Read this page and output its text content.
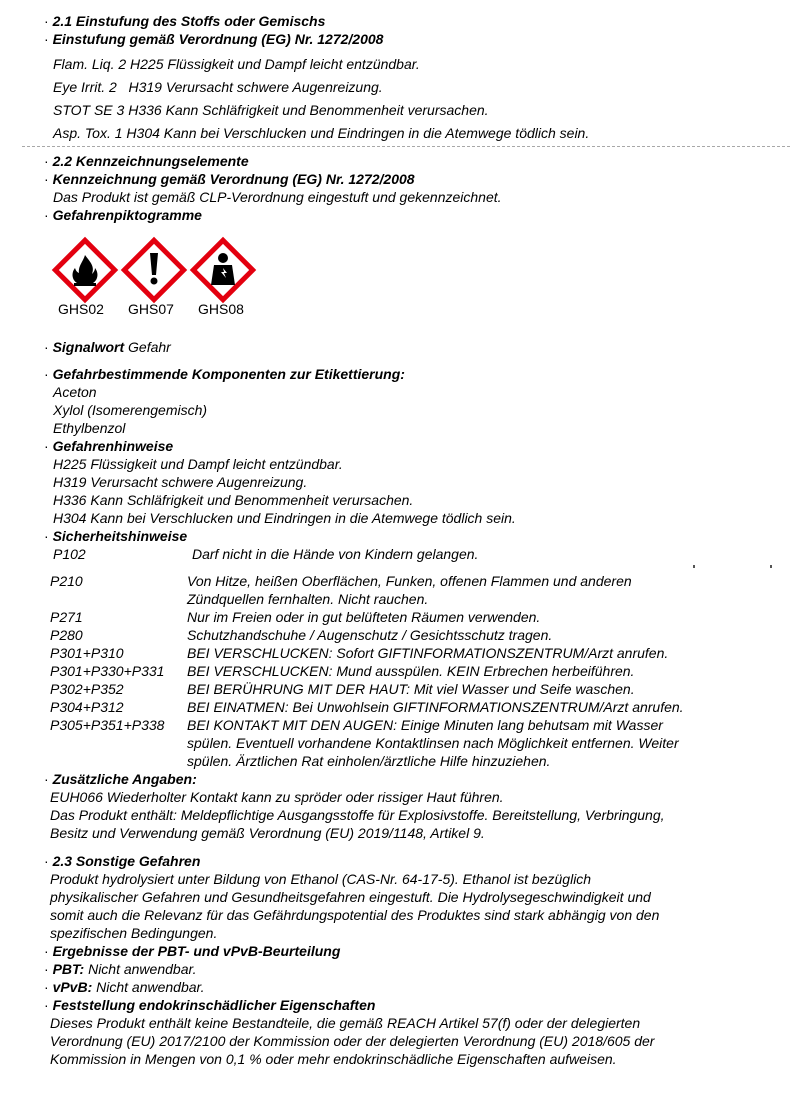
· 2.1 Einstufung des Stoffs oder Gemischs
· Einstufung gemäß Verordnung (EG) Nr. 1272/2008
Flam. Liq. 2 H225 Flüssigkeit und Dampf leicht entzündbar.
Eye Irrit. 2 H319 Verursacht schwere Augenreizung.
STOT SE 3 H336 Kann Schläfrigkeit und Benommenheit verursachen.
Asp. Tox. 1 H304 Kann bei Verschlucken und Eindringen in die Atemwege tödlich sein.
· 2.2 Kennzeichnungselemente
· Kennzeichnung gemäß Verordnung (EG) Nr. 1272/2008
Das Produkt ist gemäß CLP-Verordnung eingestuft und gekennzeichnet.
· Gefahrenpiktogramme
GHS02 GHS07 GHS08
· Signalwort Gefahr
· Gefahrbestimmende Komponenten zur Etikettierung:
Aceton
Xylol (Isomerengemisch)
Ethylbenzol
· Gefahrenhinweise
H225 Flüssigkeit und Dampf leicht entzündbar.
H319 Verursacht schwere Augenreizung.
H336 Kann Schläfrigkeit und Benommenheit verursachen.
H304 Kann bei Verschlucken und Eindringen in die Atemwege tödlich sein.
· Sicherheitshinweise
P102	Darf nicht in die Hände von Kindern gelangen.
P210	Von Hitze, heißen Oberflächen, Funken, offenen Flammen und anderen
Zündquellen fernhalten. Nicht rauchen.
P271	Nur im Freien oder in gut belüfteten Räumen verwenden.
P280	Schutzhandschuhe / Augenschutz / Gesichtsschutz tragen.
P301+P310	BEI VERSCHLUCKEN: Sofort GIFTINFORMATIONSZENTRUM/Arzt anrufen.
P301+P330+P331 BEI VERSCHLUCKEN: Mund ausspülen. KEIN Erbrechen herbeiführen.
P302+P352	BEI BERÜHRUNG MIT DER HAUT: Mit viel Wasser und Seife waschen.
P304+P312	BEI EINATMEN: Bei Unwohlsein GIFTINFORMATIONSZENTRUM/Arzt anrufen.
P305+P351+P338 BEI KONTAKT MIT DEN AUGEN: Einige Minuten lang behutsam mit Wasser
spülen. Eventuell vorhandene Kontaktlinsen nach Möglichkeit entfernen. Weiter
spülen. Ärztlichen Rat einholen/ärztliche Hilfe hinzuziehen.
· Zusätzliche Angaben:
EUH066 Wiederholter Kontakt kann zu spröder oder rissiger Haut führen.
Das Produkt enthält: Meldepflichtige Ausgangsstoffe für Explosivstoffe. Bereitstellung, Verbringung,
Besitz und Verwendung gemäß Verordnung (EU) 2019/1148, Artikel 9.
· 2.3 Sonstige Gefahren
Produkt hydrolysiert unter Bildung von Ethanol (CAS-Nr. 64-17-5). Ethanol ist bezüglich
physikalischer Gefahren und Gesundheitsgefahren eingestuft. Die Hydrolysegeschwindigkeit und
somit auch die Relevanz für das Gefährdungspotential des Produktes sind stark abhängig von den
spezifischen Bedingungen.
· Ergebnisse der PBT- und vPvB-Beurteilung
· PBT: Nicht anwendbar.
· vPvB: Nicht anwendbar.
· Feststellung endokrinschädlicher Eigenschaften
Dieses Produkt enthält keine Bestandteile, die gemäß REACH Artikel 57(f) oder der delegierten
Verordnung (EU) 2017/2100 der Kommission oder der delegierten Verordnung (EU) 2018/605 der
Kommission in Mengen von 0,1 % oder mehr endokrinschädliche Eigenschaften aufweisen.
